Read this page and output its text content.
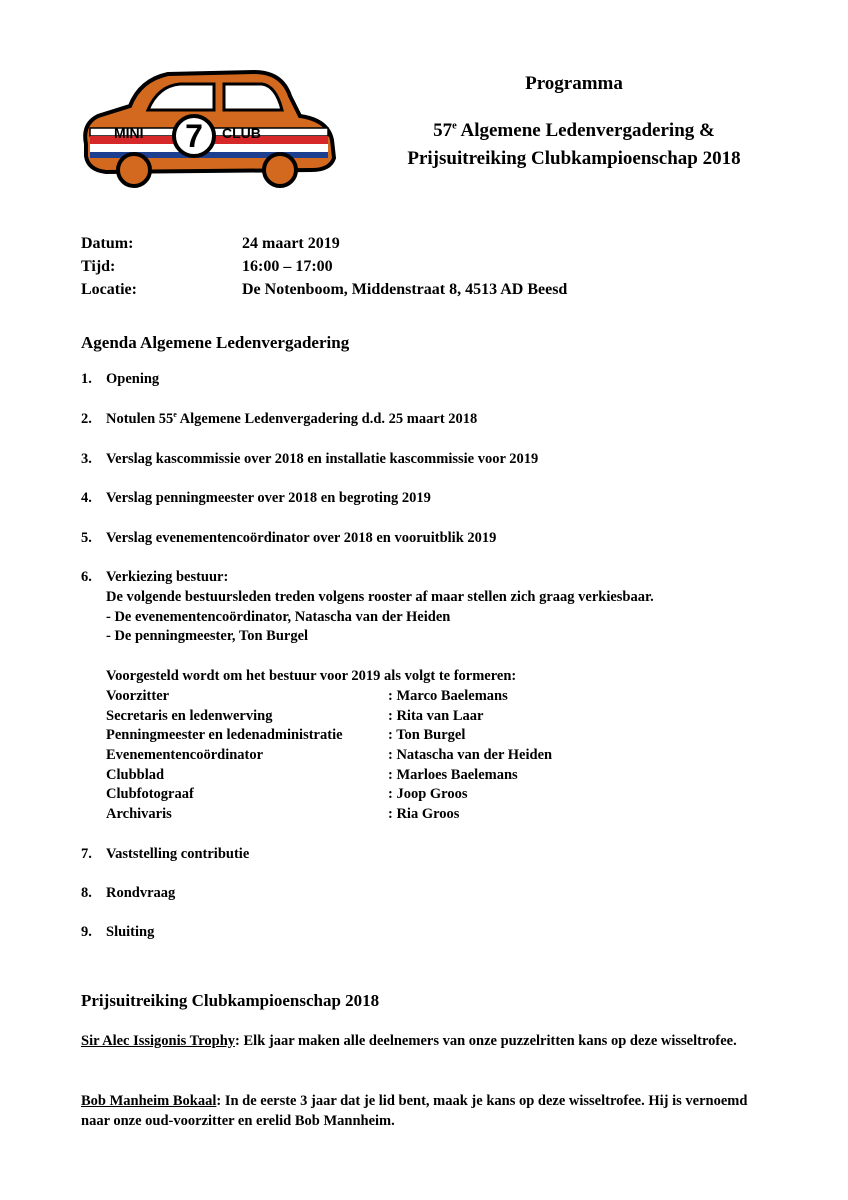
7
MINI	CLUB

Programma

57e Algemene Ledenvergadering &

Prijsuitreiking Clubkampioenschap 2018

Datum:	24 maart 2019
Tijd:	16:00 – 17:00
Locatie:	De Notenboom, Middenstraat 8, 4513 AD Beesd
Agenda Algemene Ledenvergadering
1. Opening
2. Notulen 55e Algemene Ledenvergadering d.d. 25 maart 2018
3. Verslag kascommissie over 2018 en installatie kascommissie voor 2019
4. Verslag penningmeester over 2018 en begroting 2019
5. Verslag evenementencoördinator over 2018 en vooruitblik 2019
6. Verkiezing bestuur:
De volgende bestuursleden treden volgens rooster af maar stellen zich graag verkiesbaar.
- De evenementencoördinator, Natascha van der Heiden
- De penningmeester, Ton Burgel
Voorgesteld wordt om het bestuur voor 2019 als volgt te formeren:
Voorzitter	: Marco Baelemans
Secretaris en ledenwerving	: Rita van Laar
Penningmeester en ledenadministratie	: Ton Burgel
Evenementencoördinator	: Natascha van der Heiden
Clubblad	: Marloes Baelemans
Clubfotograaf	: Joop Groos
Archivaris	: Ria Groos
7. Vaststelling contributie
8. Rondvraag
9. Sluiting
Prijsuitreiking Clubkampioenschap 2018
Sir Alec Issigonis Trophy: Elk jaar maken alle deelnemers van onze puzzelritten kans op deze wisseltrofee.
Bob Manheim Bokaal: In de eerste 3 jaar dat je lid bent, maak je kans op deze wisseltrofee. Hij is vernoemd naar onze oud-voorzitter en erelid Bob Mannheim.
